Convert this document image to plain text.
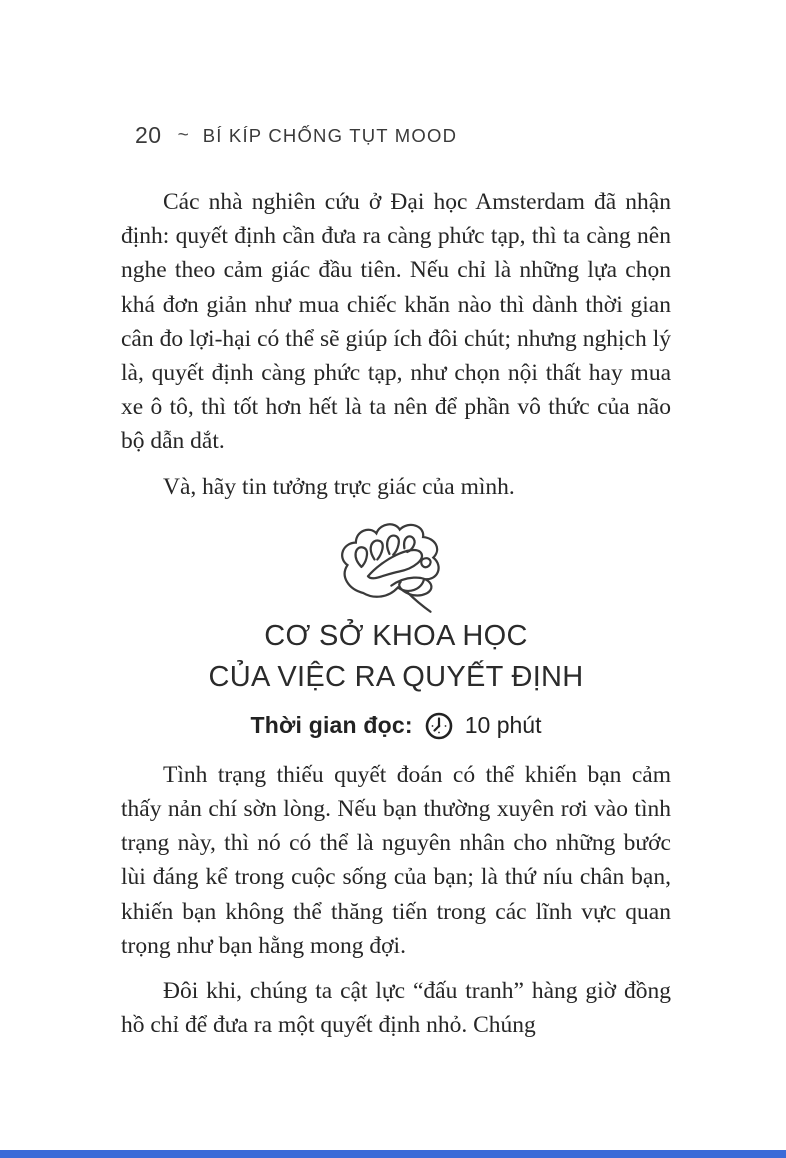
20 ~ BÍ KÍP CHỐNG TỤT MOOD

Các nhà nghiên cứu ở Đại học Amsterdam đã nhận định: quyết định cần đưa ra càng phức tạp, thì ta càng nên nghe theo cảm giác đầu tiên. Nếu chỉ là những lựa chọn khá đơn giản như mua chiếc khăn nào thì dành thời gian cân đo lợi-hại có thể sẽ giúp ích đôi chút; nhưng nghịch lý là, quyết định càng phức tạp, như chọn nội thất hay mua xe ô tô, thì tốt hơn hết là ta nên để phần vô thức của não bộ dẫn dắt.

Và, hãy tin tưởng trực giác của mình.

CƠ SỞ KHOA HỌC
CỦA VIỆC RA QUYẾT ĐỊNH
Thời gian đọc: 10 phút

Tình trạng thiếu quyết đoán có thể khiến bạn cảm thấy nản chí sờn lòng. Nếu bạn thường xuyên rơi vào tình trạng này, thì nó có thể là nguyên nhân cho những bước lùi đáng kể trong cuộc sống của bạn; là thứ níu chân bạn, khiến bạn không thể thăng tiến trong các lĩnh vực quan trọng như bạn hằng mong đợi.

Đôi khi, chúng ta cật lực “đấu tranh” hàng giờ đồng hồ chỉ để đưa ra một quyết định nhỏ. Chúng
